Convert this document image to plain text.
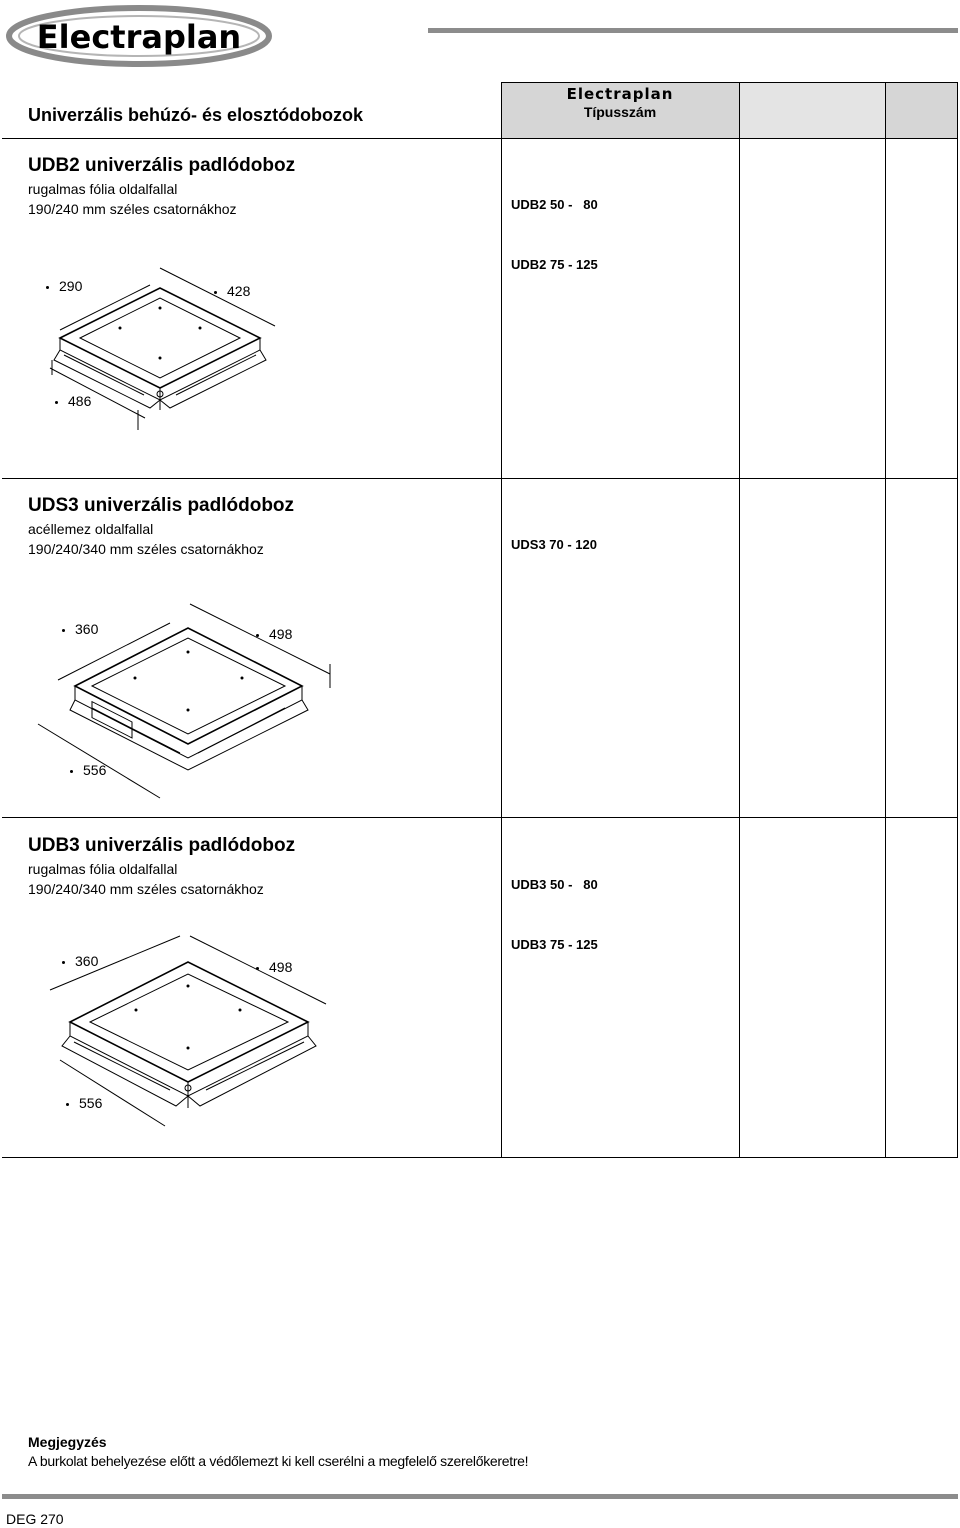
Electraplan
Univerzális behúzó- és elosztódobozok
Electraplan
Típusszám
UDB2 univerzális padlódoboz
rugalmas fólia oldalfallal
190/240 mm széles csatornákhoz

	UDB2 50 -   80

UDB2 75 - 125

290	428
486
UDS3 univerzális padlódoboz
acéllemez oldalfallal
190/240/340 mm széles csatornákhoz

	UDS3 70 - 120

360	498
556
UDB3 univerzális padlódoboz
rugalmas fólia oldalfallal
190/240/340 mm széles csatornákhoz

	UDB3 50 -   80

UDB3 75 - 125

360	498
556
Megjegyzés
A burkolat behelyezése előtt a védőlemezt ki kell cserélni a megfelelő szerelőkeretre!
DEG 270
